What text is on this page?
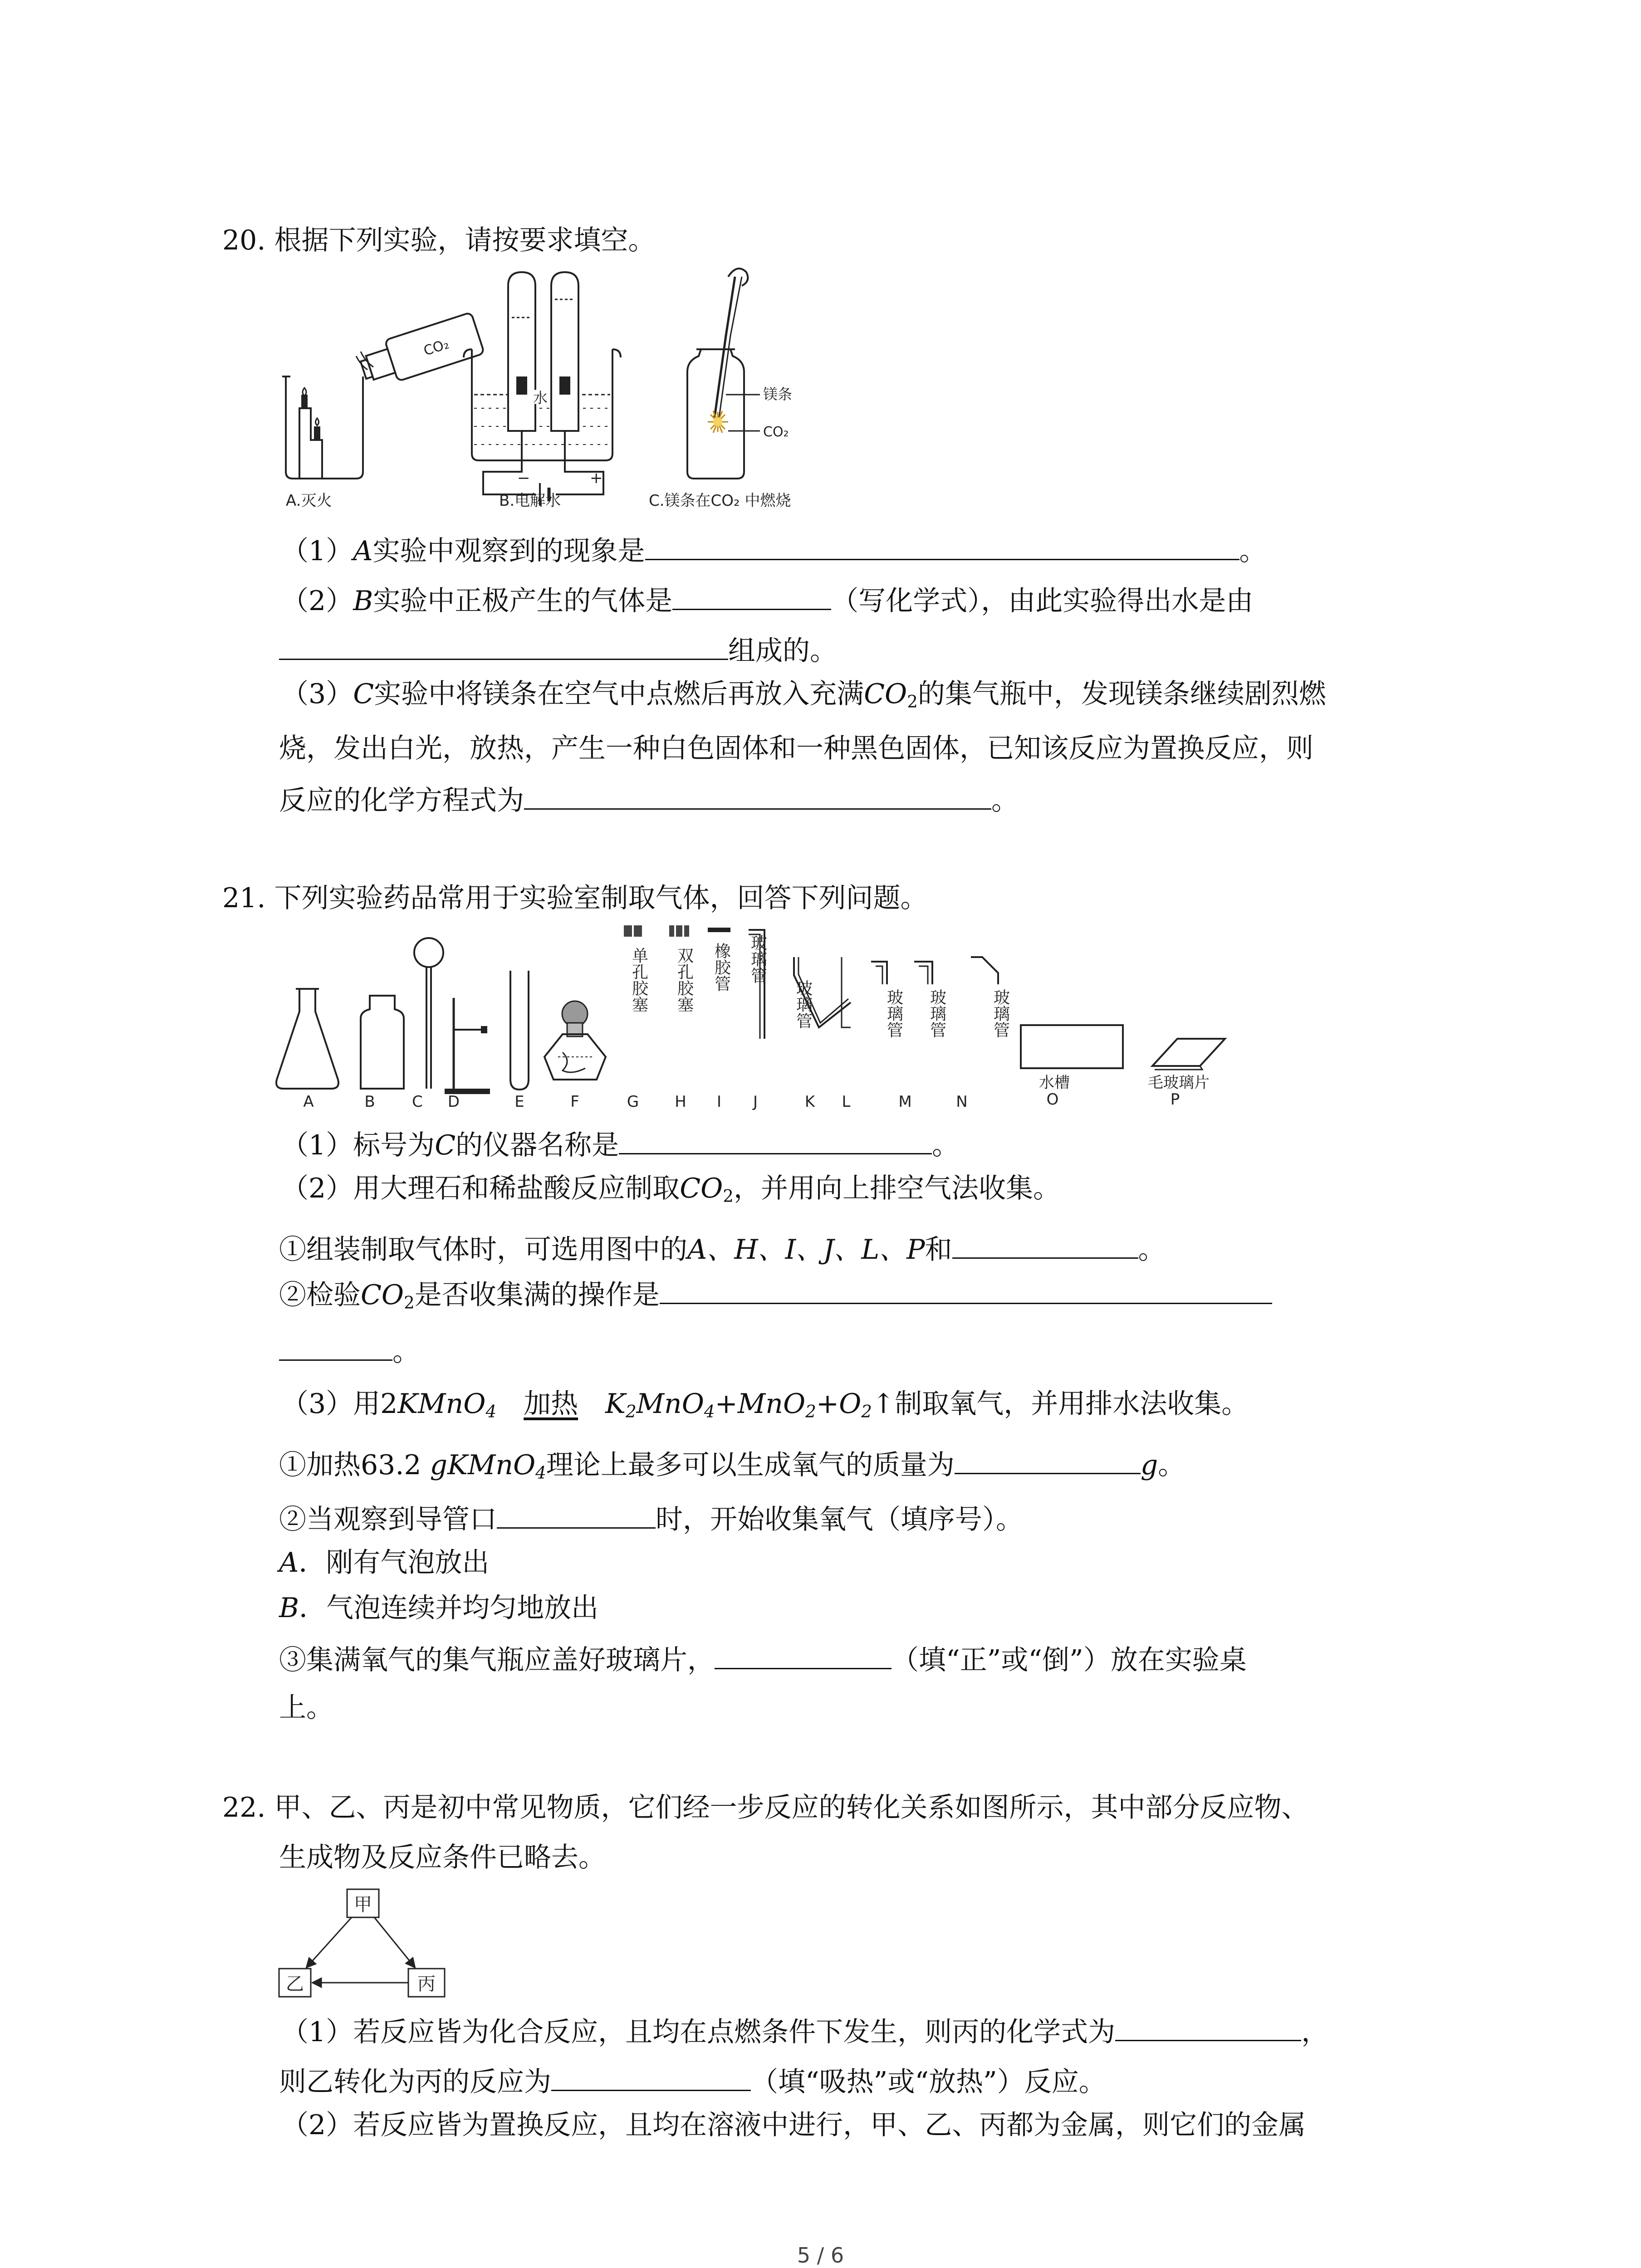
20. 根据下列实验，请按要求填空。
CO₂
水
−	+
镁条
CO₂
A.灭火	B.电解水	C.镁条在CO₂ 中燃烧
（1）A实验中观察到的现象是	。
（2）B实验中正极产生的气体是	（写化学式），由此实验得出水是由
组成的。
（3）C实验中将镁条在空气中点燃后再放入充满$CO_2$的集气瓶中，发现镁条继续剧烈燃
烧，发出白光，放热，产生一种白色固体和一种黑色固体，已知该反应为置换反应，则
反应的化学方程式为	。
21. 下列实验药品常用于实验室制取气体，回答下列问题。
单孔胶塞 双孔胶塞 橡胶管 玻璃管
玻璃管	玻璃管 玻璃管	玻璃管
水槽	毛玻璃片
A	B C D	E	F	G H I J	K L	M	N	O	P
（1）标号为C的仪器名称是	。
（2）用大理石和稀盐酸反应制取$CO_2$，并用向上排空气法收集。
①组装制取气体时，可选用图中的A、H、I、J、L、P和	。
②检验$CO_2$是否收集满的操作是
。
（3）用2KMnO$_4$  加热  $K_2MnO_4+MnO_2+O_2↑$制取氧气，并用排水法收集。
①加热63.2 gKMnO$_4$理论上最多可以生成氧气的质量为	g。
②当观察到导管口	时，开始收集氧气（填序号）。
A．刚有气泡放出
B．气泡连续并均匀地放出
③集满氧气的集气瓶应盖好玻璃片，	（填“正”或“倒”）放在实验桌
上。
22. 甲、乙、丙是初中常见物质，它们经一步反应的转化关系如图所示，其中部分反应物、
生成物及反应条件已略去。
甲
乙	丙
（1）若反应皆为化合反应，且均在点燃条件下发生，则丙的化学式为	，
则乙转化为丙的反应为	（填“吸热”或“放热”）反应。
（2）若反应皆为置换反应，且均在溶液中进行，甲、乙、丙都为金属，则它们的金属
5 / 6
